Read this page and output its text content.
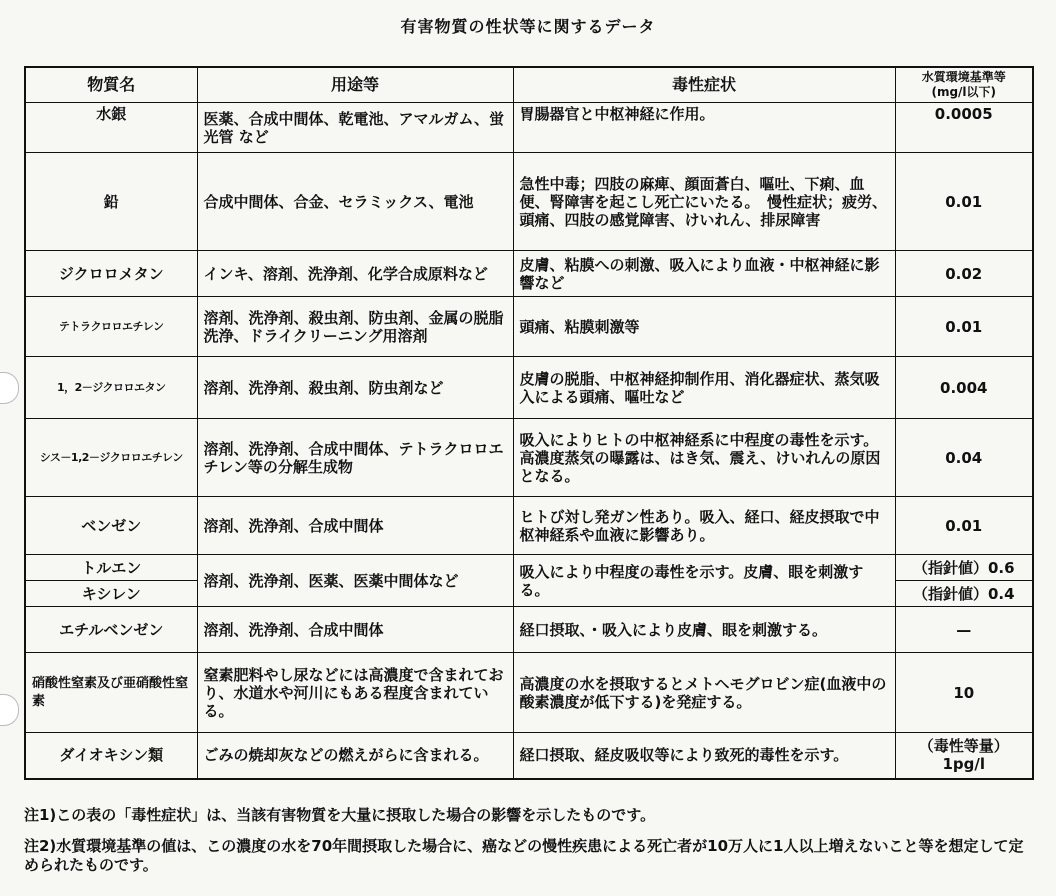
有害物質の性状等に関するデータ
物質名	用途等	毒性症状	水質環境基準等
(mg/l以下)
水銀	医薬、合成中間体、乾電池、アマルガム、蛍光管 など	胃腸器官と中枢神経に作用。	0.0005
鉛	合成中間体、合金、セラミックス、電池	急性中毒；四肢の麻痺、顔面蒼白、嘔吐、下痢、血便、腎障害を起こし死亡にいたる。　慢性症状；疲労、頭痛、四肢の感覚障害、けいれん、排尿障害	0.01
ジクロロメタン	インキ、溶剤、洗浄剤、化学合成原料など	皮膚、粘膜への刺激、吸入により血液・中枢神経に影響など	0.02
テトラクロロエチレン	溶剤、洗浄剤、殺虫剤、防虫剤、金属の脱脂洗浄、ドライクリーニング用溶剤	頭痛、粘膜刺激等	0.01
1，2－ジクロロエタン	溶剤、洗浄剤、殺虫剤、防虫剤など	皮膚の脱脂、中枢神経抑制作用、消化器症状、蒸気吸入による頭痛、嘔吐など	0.004
シス－1,2－ジクロロエチレン	溶剤、洗浄剤、合成中間体、テトラクロロエチレン等の分解生成物	吸入によりヒトの中枢神経系に中程度の毒性を示す。高濃度蒸気の曝露は、はき気、震え、けいれんの原因となる。	0.04
ベンゼン	溶剤、洗浄剤、合成中間体	ヒトび対し発ガン性あり。吸入、経口、経皮摂取で中枢神経系や血液に影響あり。	0.01
トルエン	溶剤、洗浄剤、医薬、医薬中間体など	吸入により中程度の毒性を示す。皮膚、眼を刺激する。	（指針値）0.6
キシレン			（指針値）0.4
エチルベンゼン	溶剤、洗浄剤、合成中間体	経口摂取、・吸入により皮膚、眼を刺激する。	—
硝酸性窒素及び亜硝酸性窒素	窒素肥料やし尿などには高濃度で含まれており、水道水や河川にもある程度含まれている。	高濃度の水を摂取するとメトヘモグロビン症(血液中の酸素濃度が低下する)を発症する。	10
ダイオキシン類	ごみの焼却灰などの燃えがらに含まれる。	経口摂取、経皮吸収等により致死的毒性を示す。	（毒性等量）
1pg/l

注1)この表の「毒性症状」は、当該有害物質を大量に摂取した場合の影響を示したものです。

注2)水質環境基準の値は、この濃度の水を70年間摂取した場合に、癌などの慢性疾患による死亡者が10万人に1人以上増えないこと等を想定して定められたものです。
